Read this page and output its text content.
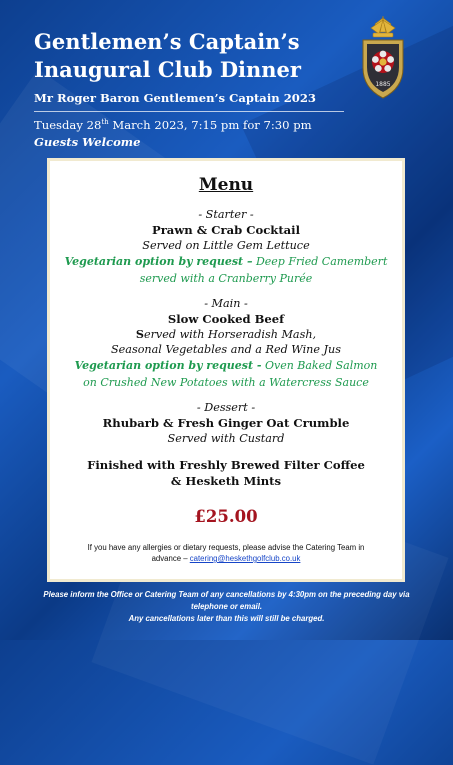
Gentlemen’s Captain’s
Inaugural Club Dinner
Mr Roger Baron Gentlemen’s Captain 2023
Tuesday 28th March 2023, 7:15 pm for 7:30 pm
Guests Welcome
1885
Menu
- Starter -
Prawn & Crab Cocktail
Served on Little Gem Lettuce
Vegetarian option by request – Deep Fried Camembert
served with a Cranberry Purée
- Main -
Slow Cooked Beef
Served with Horseradish Mash,
Seasonal Vegetables and a Red Wine Jus
Vegetarian option by request - Oven Baked Salmon
on Crushed New Potatoes with a Watercress Sauce
- Dessert -
Rhubarb & Fresh Ginger Oat Crumble
Served with Custard
Finished with Freshly Brewed Filter Coffee
& Hesketh Mints
£25.00
If you have any allergies or dietary requests, please advise the Catering Team in
advance – catering@heskethgolfclub.co.uk
Please inform the Office or Catering Team of any cancellations by 4:30pm on the preceding day via
telephone or email.
Any cancellations later than this will still be charged.
